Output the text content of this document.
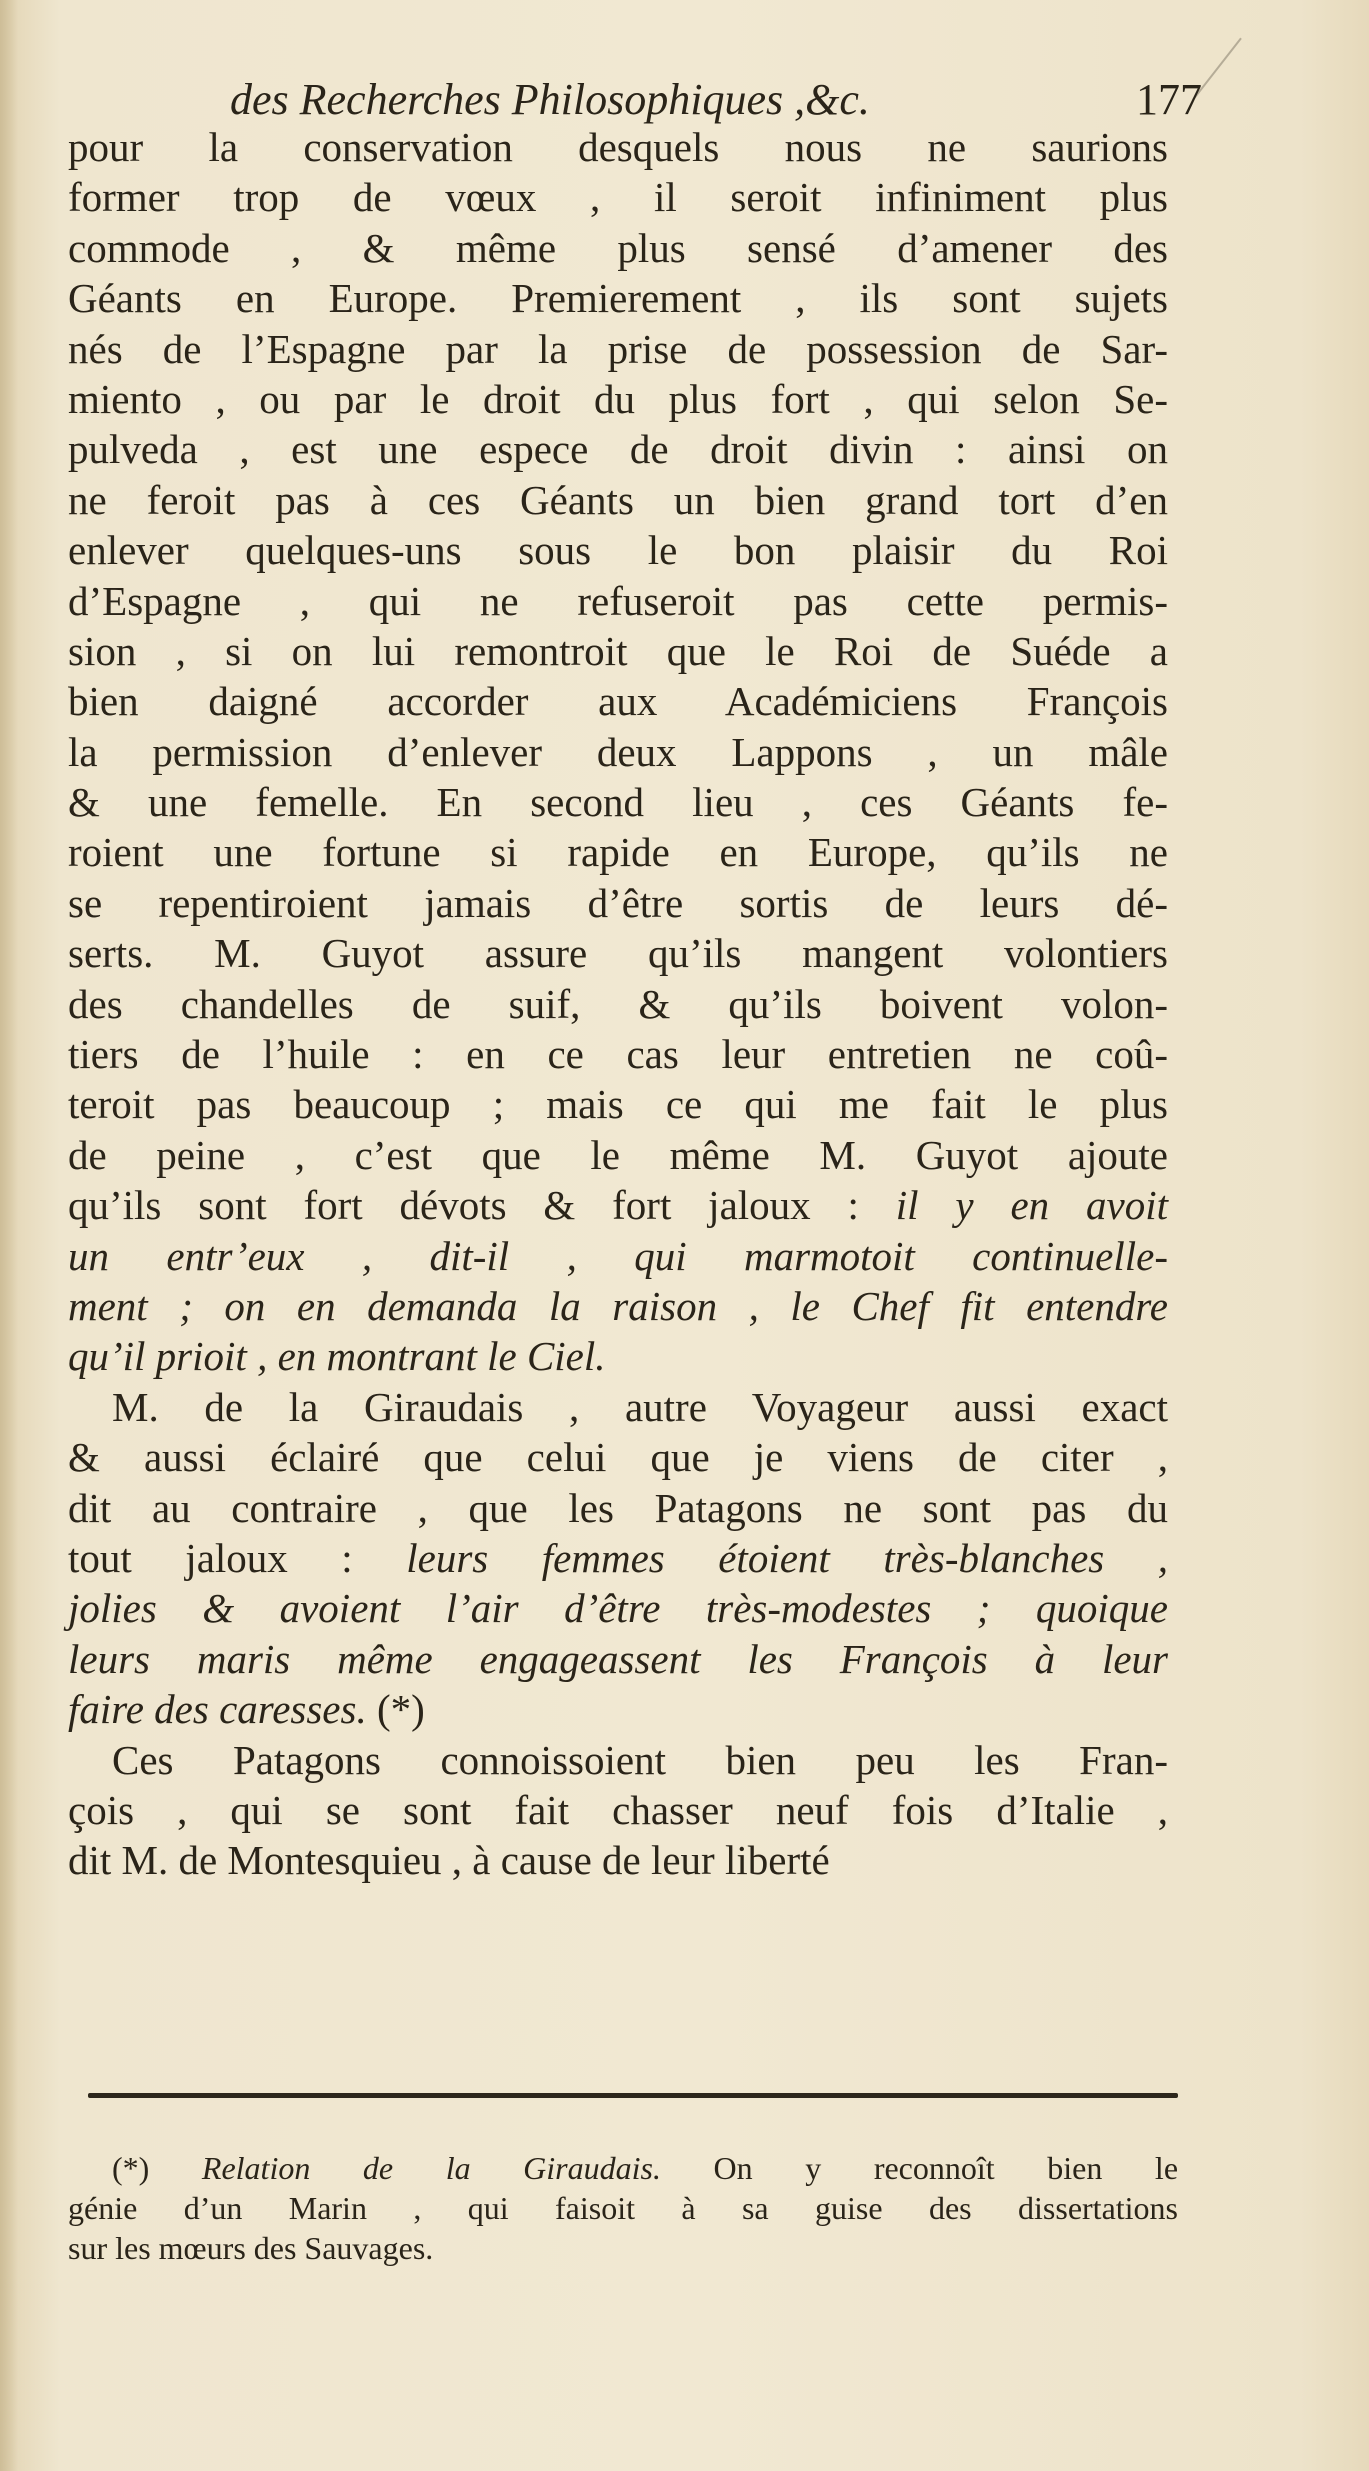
des Recherches Philosophiques ,&c.	177
pour la conservation desquels nous ne saurions
former trop de vœux , il seroit infiniment plus
commode , & même plus sensé d’amener des
Géants en Europe. Premierement , ils sont sujets
nés de l’Espagne par la prise de possession de Sar-
miento , ou par le droit du plus fort , qui selon Se-
pulveda , est une espece de droit divin : ainsi on
ne feroit pas à ces Géants un bien grand tort d’en
enlever quelques-uns sous le bon plaisir du Roi
d’Espagne , qui ne refuseroit pas cette permis-
sion , si on lui remontroit que le Roi de Suéde a
bien daigné accorder aux Académiciens François
la permission d’enlever deux Lappons , un mâle
& une femelle. En second lieu , ces Géants fe-
roient une fortune si rapide en Europe, qu’ils ne
se repentiroient jamais d’être sortis de leurs dé-
serts. M. Guyot assure qu’ils mangent volontiers
des chandelles de suif, & qu’ils boivent volon-
tiers de l’huile : en ce cas leur entretien ne coû-
teroit pas beaucoup ; mais ce qui me fait le plus
de peine , c’est que le même M. Guyot ajoute
qu’ils sont fort dévots & fort jaloux : il y en avoit
un entr’eux , dit-il , qui marmotoit continuelle-
ment ; on en demanda la raison , le Chef fit entendre
qu’il prioit , en montrant le Ciel.
M. de la Giraudais , autre Voyageur aussi exact
& aussi éclairé que celui que je viens de citer ,
dit au contraire , que les Patagons ne sont pas du
tout jaloux : leurs femmes étoient très-blanches ,
jolies & avoient l’air d’être très-modestes ; quoique
leurs maris même engageassent les François à leur
faire des caresses. (*)
Ces Patagons connoissoient bien peu les Fran-
çois , qui se sont fait chasser neuf fois d’Italie ,
dit M. de Montesquieu , à cause de leur liberté
(*) Relation de la Giraudais. On y reconnoît bien le
génie d’un Marin , qui faisoit à sa guise des dissertations
sur les mœurs des Sauvages.
